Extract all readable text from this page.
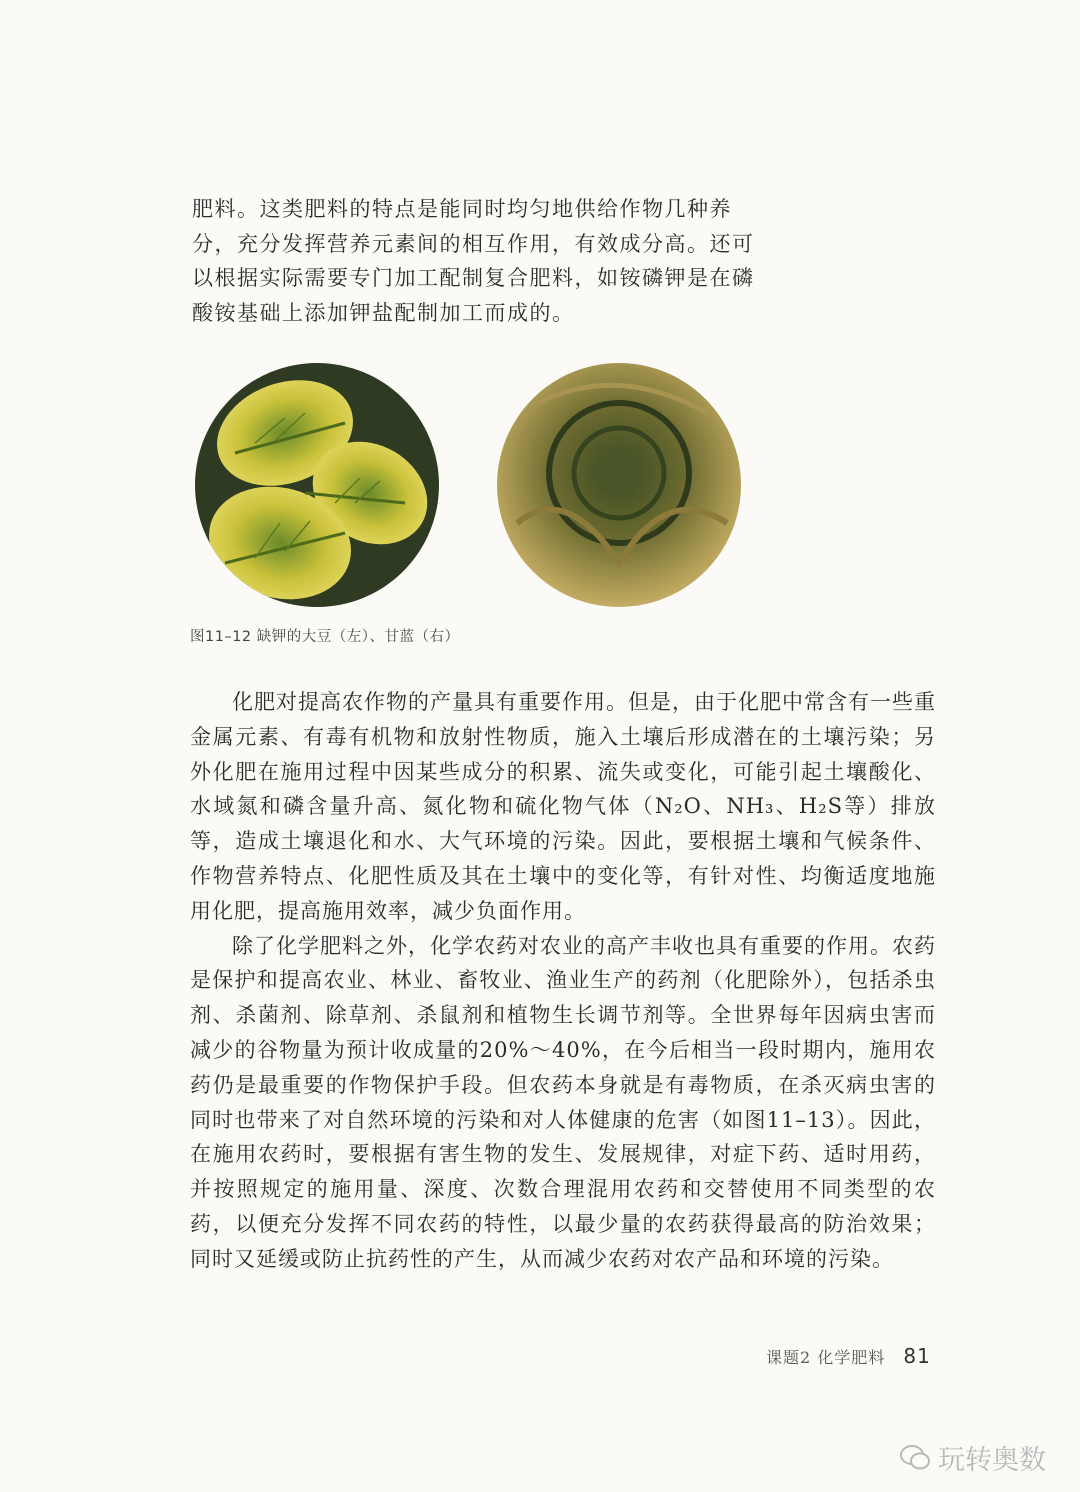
肥料。这类肥料的特点是能同时均匀地供给作物几种养分，充分发挥营养元素间的相互作用，有效成分高。还可以根据实际需要专门加工配制复合肥料，如铵磷钾是在磷酸铵基础上添加钾盐配制加工而成的。

图11–12 缺钾的大豆（左）、甘蓝（右）

化肥对提高农作物的产量具有重要作用。但是，由于化肥中常含有一些重金属元素、有毒有机物和放射性物质，施入土壤后形成潜在的土壤污染；另外化肥在施用过程中因某些成分的积累、流失或变化，可能引起土壤酸化、水域氮和磷含量升高、氮化物和硫化物气体（N₂O、NH₃、H₂S等）排放等，造成土壤退化和水、大气环境的污染。因此，要根据土壤和气候条件、作物营养特点、化肥性质及其在土壤中的变化等，有针对性、均衡适度地施用化肥，提高施用效率，减少负面作用。

除了化学肥料之外，化学农药对农业的高产丰收也具有重要的作用。农药是保护和提高农业、林业、畜牧业、渔业生产的药剂（化肥除外），包括杀虫剂、杀菌剂、除草剂、杀鼠剂和植物生长调节剂等。全世界每年因病虫害而减少的谷物量为预计收成量的20%～40%，在今后相当一段时期内，施用农药仍是最重要的作物保护手段。但农药本身就是有毒物质，在杀灭病虫害的同时也带来了对自然环境的污染和对人体健康的危害（如图11–13）。因此，在施用农药时，要根据有害生物的发生、发展规律，对症下药、适时用药，并按照规定的施用量、深度、次数合理混用农药和交替使用不同类型的农药，以便充分发挥不同农药的特性，以最少量的农药获得最高的防治效果；同时又延缓或防止抗药性的产生，从而减少农药对农产品和环境的污染。

课题2 化学肥料 81
玩转奥数
